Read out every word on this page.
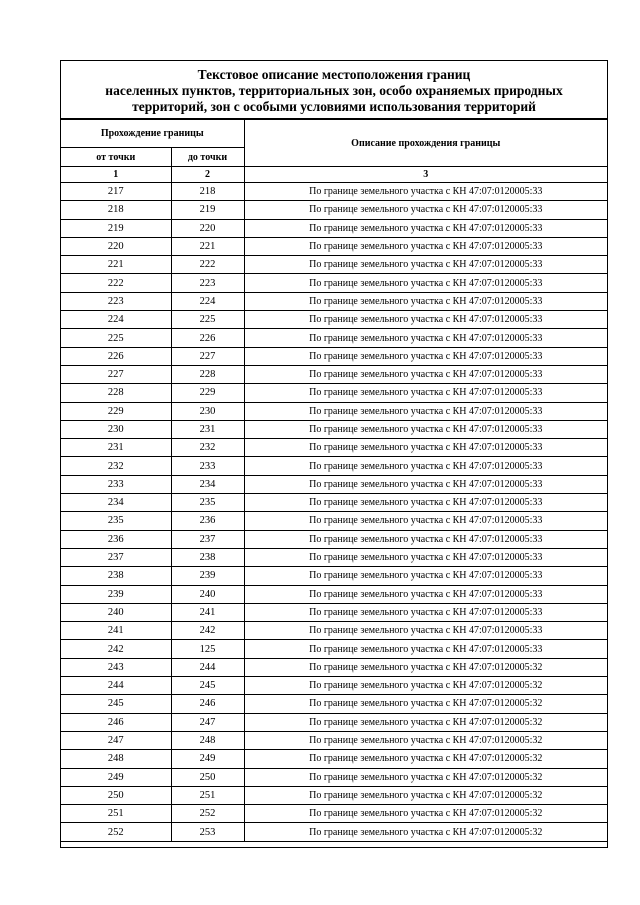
Текстовое описание местоположения границ
населенных пунктов, территориальных зон, особо охраняемых природных
территорий, зон с особыми условиями использования территорий
Прохождение границы		Описание прохождения границы
от точки	до точки	
1	2	3
217	218	По границе земельного участка с КН 47:07:0120005:33
218	219	По границе земельного участка с КН 47:07:0120005:33
219	220	По границе земельного участка с КН 47:07:0120005:33
220	221	По границе земельного участка с КН 47:07:0120005:33
221	222	По границе земельного участка с КН 47:07:0120005:33
222	223	По границе земельного участка с КН 47:07:0120005:33
223	224	По границе земельного участка с КН 47:07:0120005:33
224	225	По границе земельного участка с КН 47:07:0120005:33
225	226	По границе земельного участка с КН 47:07:0120005:33
226	227	По границе земельного участка с КН 47:07:0120005:33
227	228	По границе земельного участка с КН 47:07:0120005:33
228	229	По границе земельного участка с КН 47:07:0120005:33
229	230	По границе земельного участка с КН 47:07:0120005:33
230	231	По границе земельного участка с КН 47:07:0120005:33
231	232	По границе земельного участка с КН 47:07:0120005:33
232	233	По границе земельного участка с КН 47:07:0120005:33
233	234	По границе земельного участка с КН 47:07:0120005:33
234	235	По границе земельного участка с КН 47:07:0120005:33
235	236	По границе земельного участка с КН 47:07:0120005:33
236	237	По границе земельного участка с КН 47:07:0120005:33
237	238	По границе земельного участка с КН 47:07:0120005:33
238	239	По границе земельного участка с КН 47:07:0120005:33
239	240	По границе земельного участка с КН 47:07:0120005:33
240	241	По границе земельного участка с КН 47:07:0120005:33
241	242	По границе земельного участка с КН 47:07:0120005:33
242	125	По границе земельного участка с КН 47:07:0120005:33
243	244	По границе земельного участка с КН 47:07:0120005:32
244	245	По границе земельного участка с КН 47:07:0120005:32
245	246	По границе земельного участка с КН 47:07:0120005:32
246	247	По границе земельного участка с КН 47:07:0120005:32
247	248	По границе земельного участка с КН 47:07:0120005:32
248	249	По границе земельного участка с КН 47:07:0120005:32
249	250	По границе земельного участка с КН 47:07:0120005:32
250	251	По границе земельного участка с КН 47:07:0120005:32
251	252	По границе земельного участка с КН 47:07:0120005:32
252	253	По границе земельного участка с КН 47:07:0120005:32
